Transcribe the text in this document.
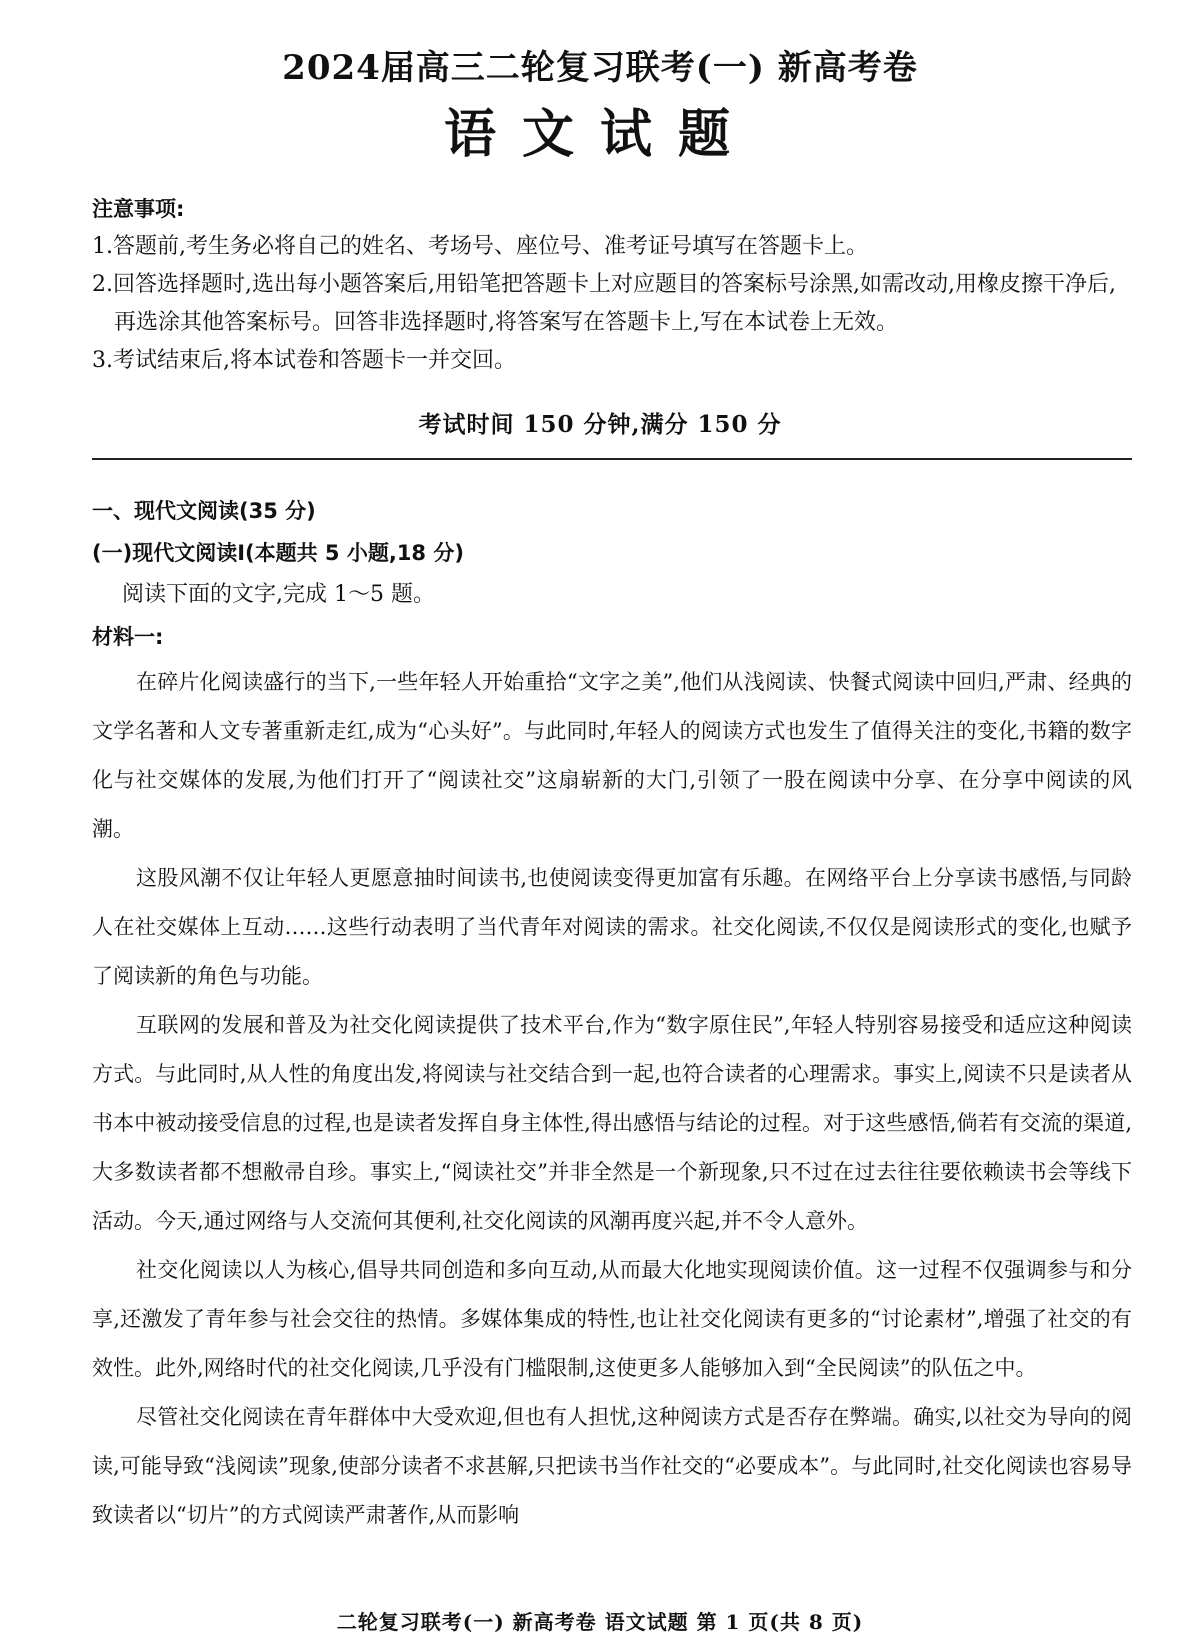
2024届高三二轮复习联考(一) 新高考卷
语文试题
注意事项:
1.答题前,考生务必将自己的姓名、考场号、座位号、准考证号填写在答题卡上。
2.回答选择题时,选出每小题答案后,用铅笔把答题卡上对应题目的答案标号涂黑,如需改动,用橡皮擦干净后,再选涂其他答案标号。回答非选择题时,将答案写在答题卡上,写在本试卷上无效。
3.考试结束后,将本试卷和答题卡一并交回。
考试时间 150 分钟,满分 150 分
一、现代文阅读(35 分)
(一)现代文阅读Ⅰ(本题共 5 小题,18 分)
阅读下面的文字,完成 1～5 题。
材料一:

在碎片化阅读盛行的当下,一些年轻人开始重拾“文字之美”,他们从浅阅读、快餐式阅读中回归,严肃、经典的文学名著和人文专著重新走红,成为“心头好”。与此同时,年轻人的阅读方式也发生了值得关注的变化,书籍的数字化与社交媒体的发展,为他们打开了“阅读社交”这扇崭新的大门,引领了一股在阅读中分享、在分享中阅读的风潮。

这股风潮不仅让年轻人更愿意抽时间读书,也使阅读变得更加富有乐趣。在网络平台上分享读书感悟,与同龄人在社交媒体上互动……这些行动表明了当代青年对阅读的需求。社交化阅读,不仅仅是阅读形式的变化,也赋予了阅读新的角色与功能。

互联网的发展和普及为社交化阅读提供了技术平台,作为“数字原住民”,年轻人特别容易接受和适应这种阅读方式。与此同时,从人性的角度出发,将阅读与社交结合到一起,也符合读者的心理需求。事实上,阅读不只是读者从书本中被动接受信息的过程,也是读者发挥自身主体性,得出感悟与结论的过程。对于这些感悟,倘若有交流的渠道,大多数读者都不想敝帚自珍。事实上,“阅读社交”并非全然是一个新现象,只不过在过去往往要依赖读书会等线下活动。今天,通过网络与人交流何其便利,社交化阅读的风潮再度兴起,并不令人意外。

社交化阅读以人为核心,倡导共同创造和多向互动,从而最大化地实现阅读价值。这一过程不仅强调参与和分享,还激发了青年参与社会交往的热情。多媒体集成的特性,也让社交化阅读有更多的“讨论素材”,增强了社交的有效性。此外,网络时代的社交化阅读,几乎没有门槛限制,这使更多人能够加入到“全民阅读”的队伍之中。

尽管社交化阅读在青年群体中大受欢迎,但也有人担忧,这种阅读方式是否存在弊端。确实,以社交为导向的阅读,可能导致“浅阅读”现象,使部分读者不求甚解,只把读书当作社交的“必要成本”。与此同时,社交化阅读也容易导致读者以“切片”的方式阅读严肃著作,从而影响

二轮复习联考(一) 新高考卷 语文试题 第 1 页(共 8 页)
